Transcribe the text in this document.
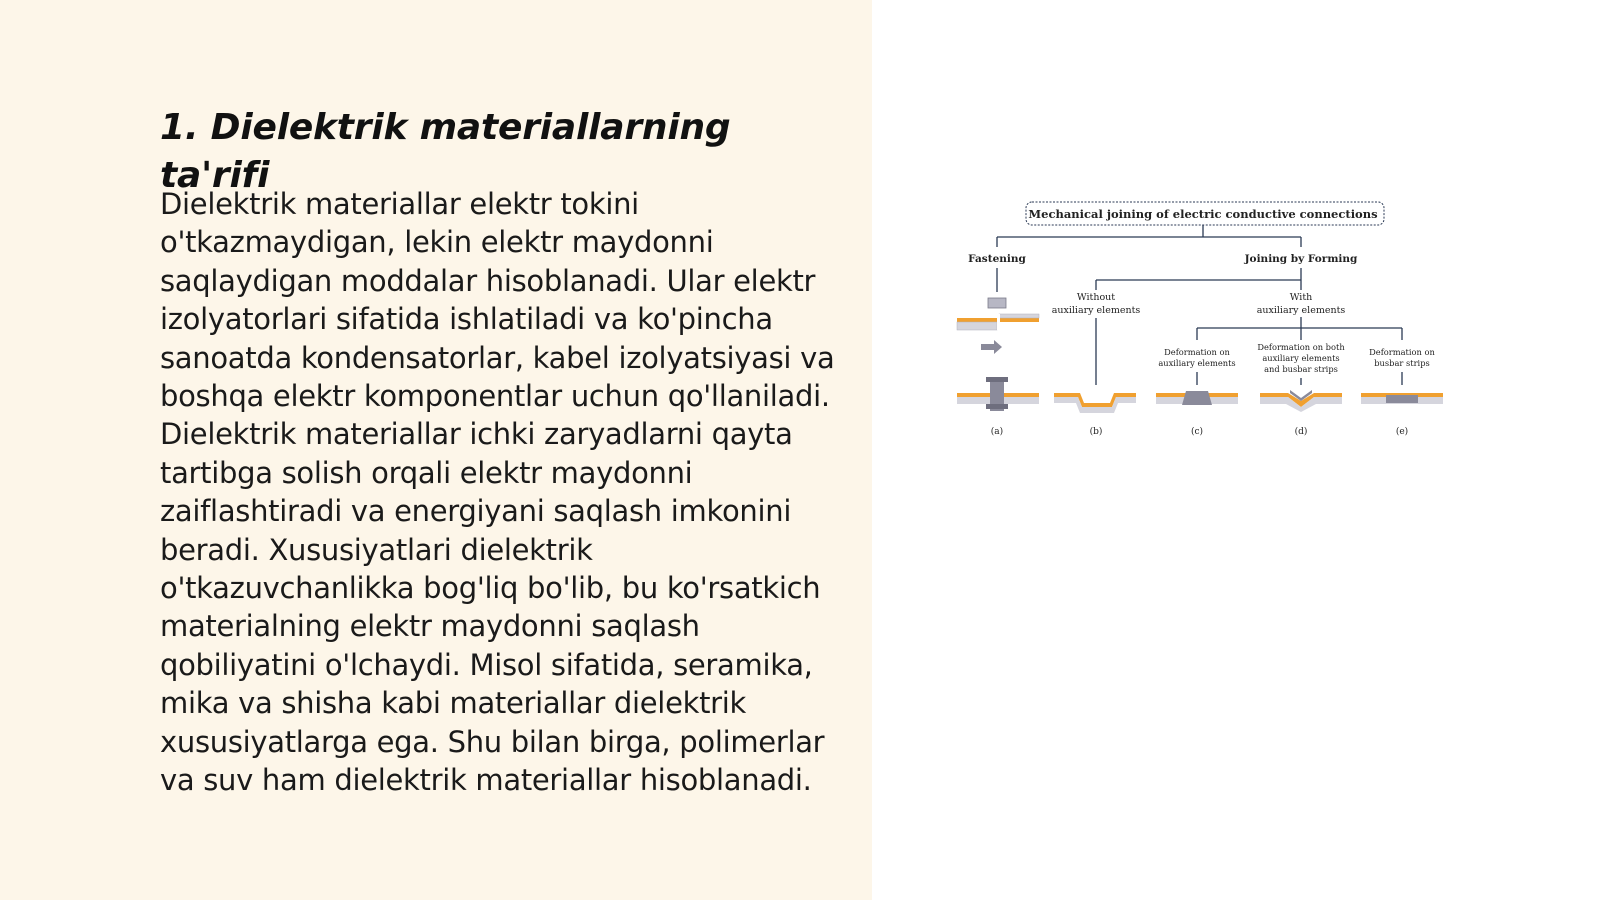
1. Dielektrik materiallarning ta'rifi

Dielektrik materiallar elektr tokini o'tkazmaydigan, lekin elektr maydonni saqlaydigan moddalar hisoblanadi. Ular elektr izolyatorlari sifatida ishlatiladi va ko'pincha sanoatda kondensatorlar, kabel izolyatsiyasi va boshqa elektr komponentlar uchun qo'llaniladi. Dielektrik materiallar ichki zaryadlarni qayta tartibga solish orqali elektr maydonni zaiflashtiradi va energiyani saqlash imkonini beradi. Xususiyatlari dielektrik o'tkazuvchanlikka bog'liq bo'lib, bu ko'rsatkich materialning elektr maydonni saqlash qobiliyatini o'lchaydi. Misol sifatida, seramika, mika va shisha kabi materiallar dielektrik xususiyatlarga ega. Shu bilan birga, polimerlar va suv ham dielektrik materiallar hisoblanadi.

Mechanical joining of electric conductive connections
Fastening	Joining by Forming
Without
auxiliary elements
With
auxiliary elements
Deformation on
auxiliary elements
Deformation on both
auxiliary elements
and busbar strips
Deformation on
busbar strips
(a)	(b)	(c)	(d)	(e)
